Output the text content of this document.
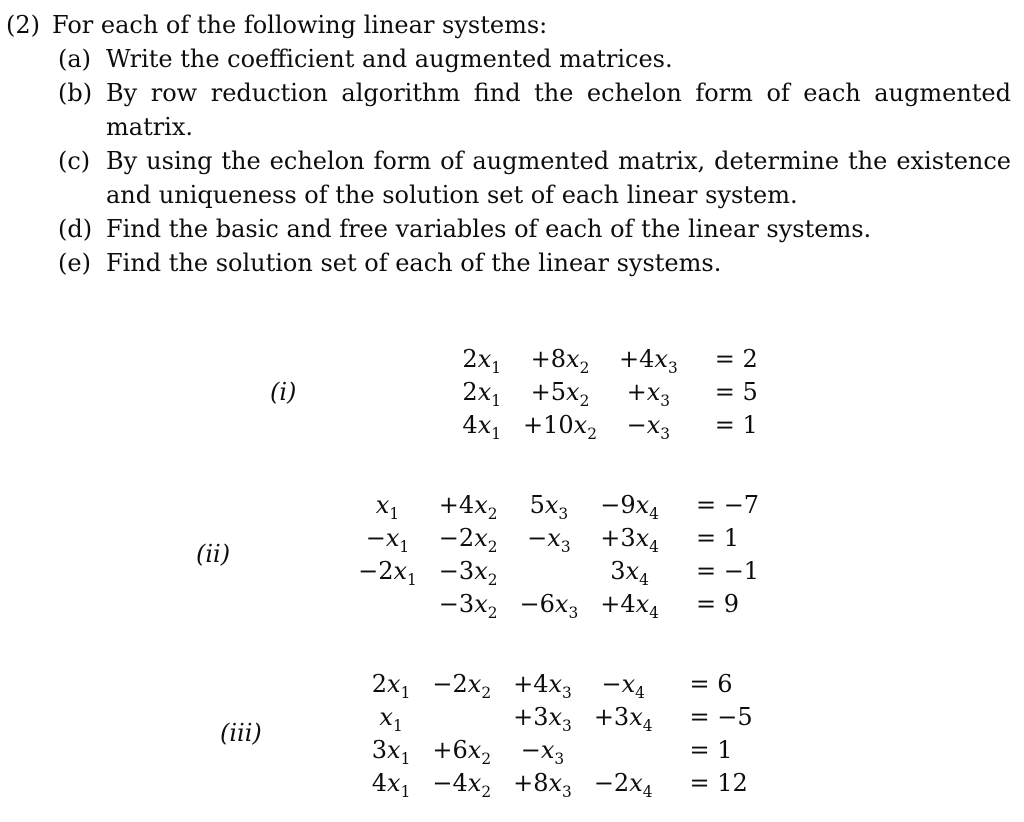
(2) For each of the following linear systems:
(a) Write the coefficient and augmented matrices.
(b) By row reduction algorithm find the echelon form of each augmented matrix.
(c) By using the echelon form of augmented matrix, determine the existence and uniqueness of the solution set of each linear system.
(d) Find the basic and free variables of each of the linear systems.
(e) Find the solution set of each of the linear systems.
(i)
$2x_1$	$+8x_2$	$+4x_3$	= 2
$2x_1$	$+5x_2$	$+x_3$	= 5
$4x_1$	$+10x_2$	$-x_3$	= 1
(ii)
$x_1$	$+4x_2$	$5x_3$	$-9x_4$	= −7
$-x_1$	$-2x_2$	$-x_3$	$+3x_4$	= 1
$-2x_1$	$-3x_2$		$3x_4$	= −1
	$-3x_2$	$-6x_3$	$+4x_4$	= 9
(iii)
$2x_1$	$-2x_2$	$+4x_3$	$-x_4$	= 6
$x_1$		$+3x_3$	$+3x_4$	= −5
$3x_1$	$+6x_2$	$-x_3$		= 1
$4x_1$	$-4x_2$	$+8x_3$	$-2x_4$	= 12
